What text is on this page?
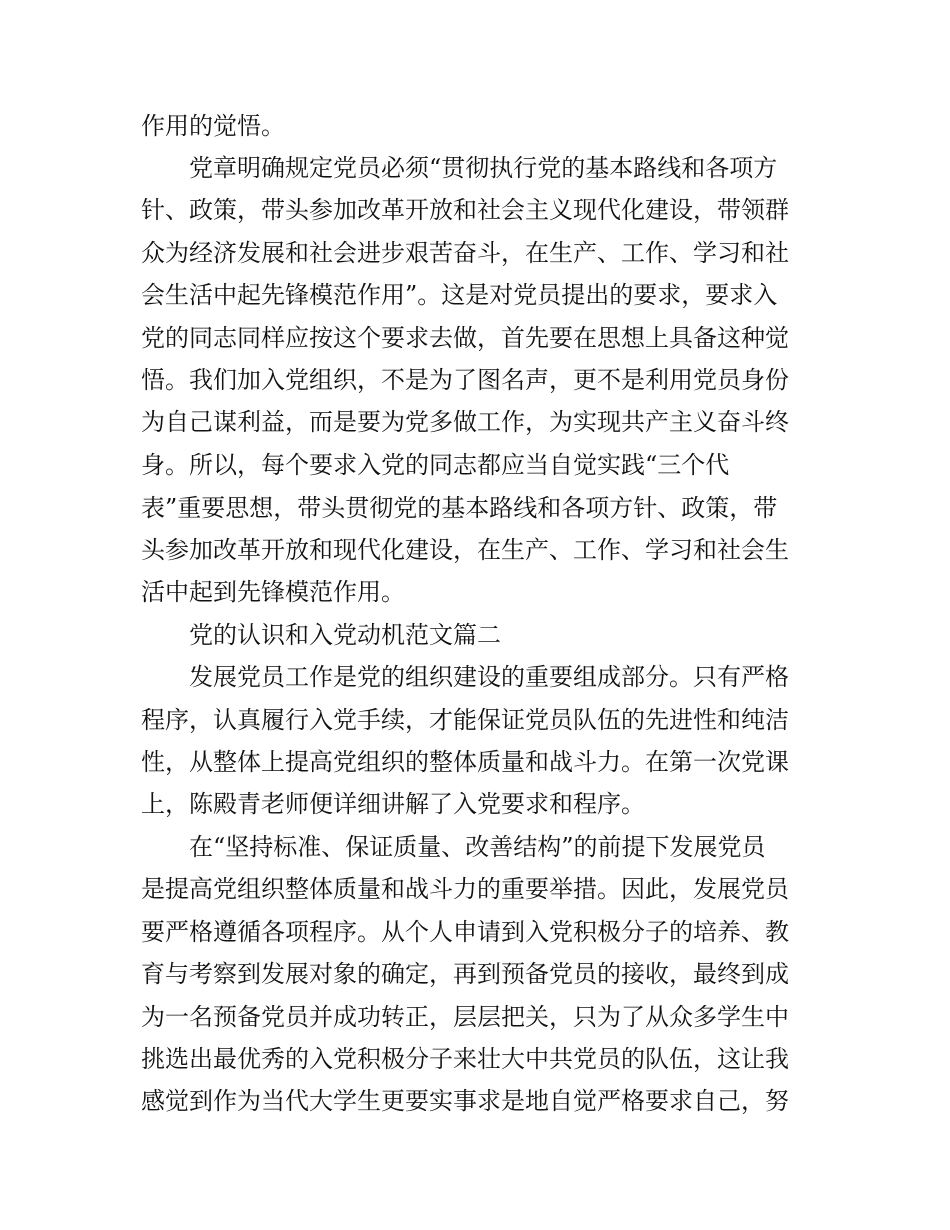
作用的觉悟。
党章明确规定党员必须“贯彻执行党的基本路线和各项方
针、政策，带头参加改革开放和社会主义现代化建设，带领群
众为经济发展和社会进步艰苦奋斗，在生产、工作、学习和社
会生活中起先锋模范作用”。这是对党员提出的要求，要求入
党的同志同样应按这个要求去做，首先要在思想上具备这种觉
悟。我们加入党组织，不是为了图名声，更不是利用党员身份
为自己谋利益，而是要为党多做工作，为实现共产主义奋斗终
身。所以，每个要求入党的同志都应当自觉实践“三个代
表”重要思想，带头贯彻党的基本路线和各项方针、政策，带
头参加改革开放和现代化建设，在生产、工作、学习和社会生
活中起到先锋模范作用。
党的认识和入党动机范文篇二
发展党员工作是党的组织建设的重要组成部分。只有严格
程序，认真履行入党手续，才能保证党员队伍的先进性和纯洁
性，从整体上提高党组织的整体质量和战斗力。在第一次党课
上，陈殿青老师便详细讲解了入党要求和程序。
在“坚持标准、保证质量、改善结构”的前提下发展党员
是提高党组织整体质量和战斗力的重要举措。因此，发展党员
要严格遵循各项程序。从个人申请到入党积极分子的培养、教
育与考察到发展对象的确定，再到预备党员的接收，最终到成
为一名预备党员并成功转正，层层把关，只为了从众多学生中
挑选出最优秀的入党积极分子来壮大中共党员的队伍，这让我
感觉到作为当代大学生更要实事求是地自觉严格要求自己，努
